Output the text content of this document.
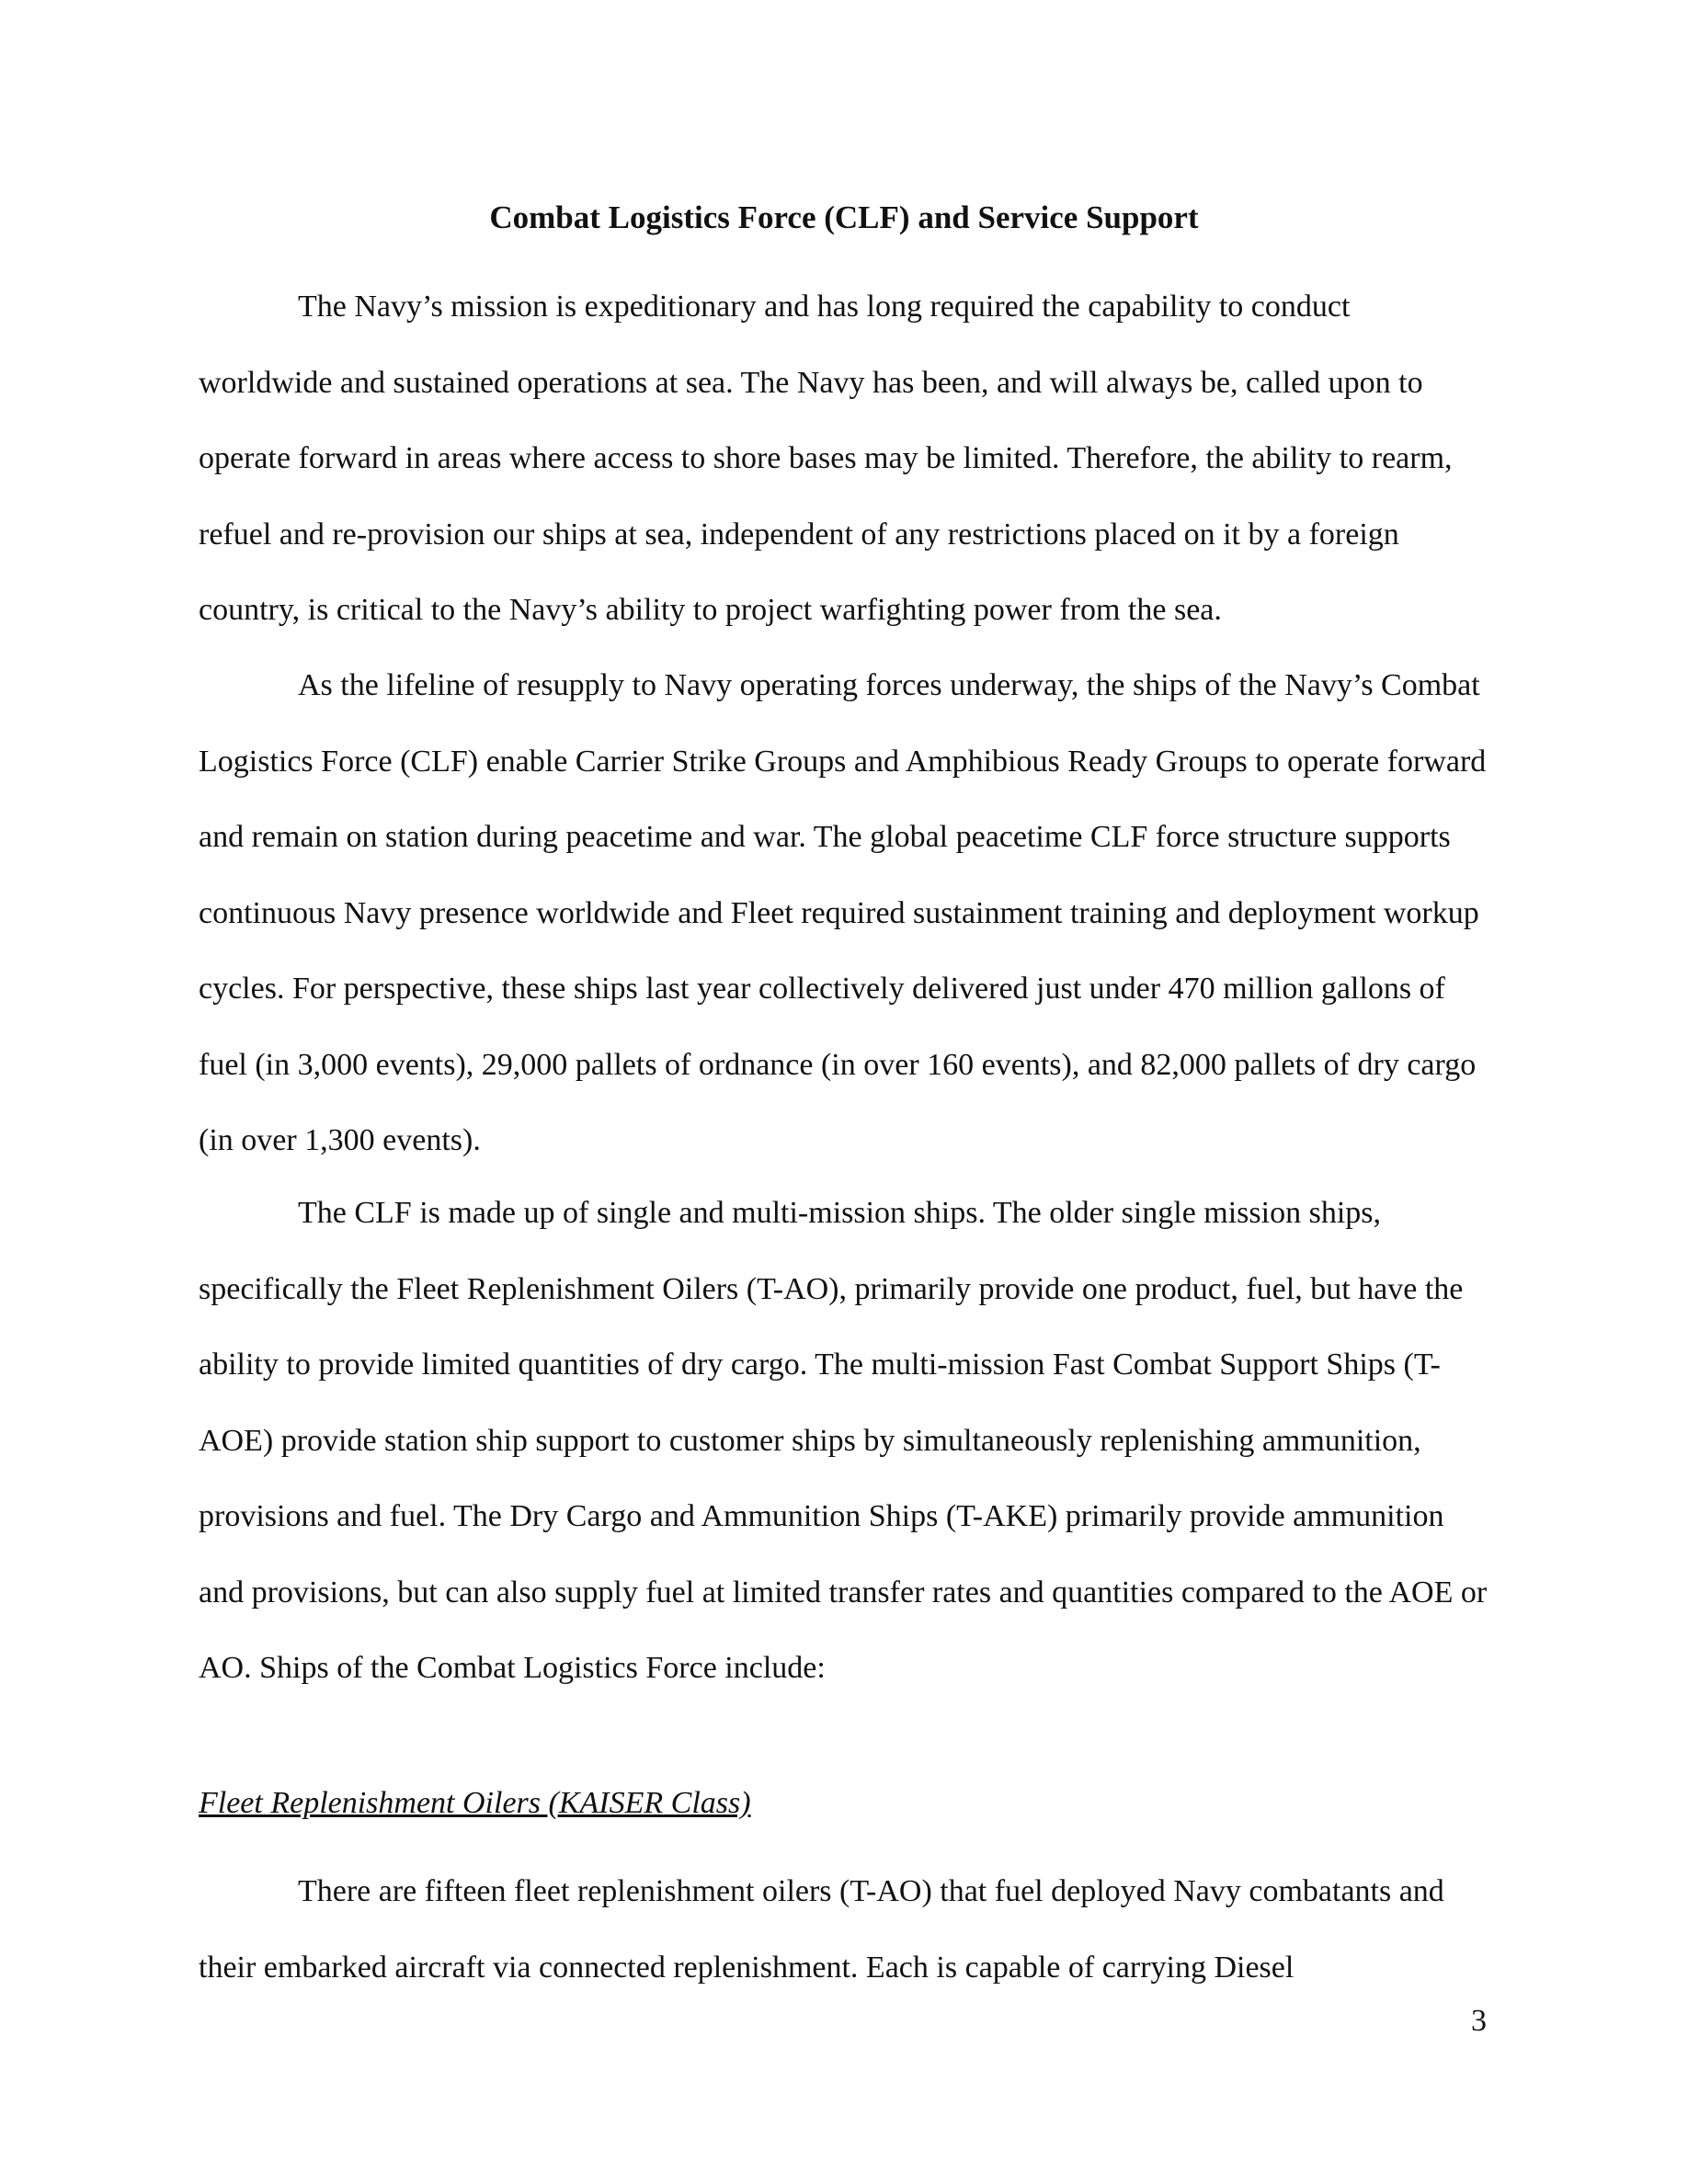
Combat Logistics Force (CLF) and Service Support

The Navy’s mission is expeditionary and has long required the capability to conduct worldwide and sustained operations at sea. The Navy has been, and will always be, called upon to operate forward in areas where access to shore bases may be limited. Therefore, the ability to rearm, refuel and re-provision our ships at sea, independent of any restrictions placed on it by a foreign country, is critical to the Navy’s ability to project warfighting power from the sea.

As the lifeline of resupply to Navy operating forces underway, the ships of the Navy’s Combat Logistics Force (CLF) enable Carrier Strike Groups and Amphibious Ready Groups to operate forward and remain on station during peacetime and war. The global peacetime CLF force structure supports continuous Navy presence worldwide and Fleet required sustainment training and deployment workup cycles. For perspective, these ships last year collectively delivered just under 470 million gallons of fuel (in 3,000 events), 29,000 pallets of ordnance (in over 160 events), and 82,000 pallets of dry cargo (in over 1,300 events).

The CLF is made up of single and multi-mission ships. The older single mission ships, specifically the Fleet Replenishment Oilers (T-AO), primarily provide one product, fuel, but have the ability to provide limited quantities of dry cargo. The multi-mission Fast Combat Support Ships (T-AOE) provide station ship support to customer ships by simultaneously replenishing ammunition, provisions and fuel. The Dry Cargo and Ammunition Ships (T-AKE) primarily provide ammunition and provisions, but can also supply fuel at limited transfer rates and quantities compared to the AOE or AO. Ships of the Combat Logistics Force include:

Fleet Replenishment Oilers (KAISER Class)

There are fifteen fleet replenishment oilers (T-AO) that fuel deployed Navy combatants and their embarked aircraft via connected replenishment. Each is capable of carrying Diesel

3
